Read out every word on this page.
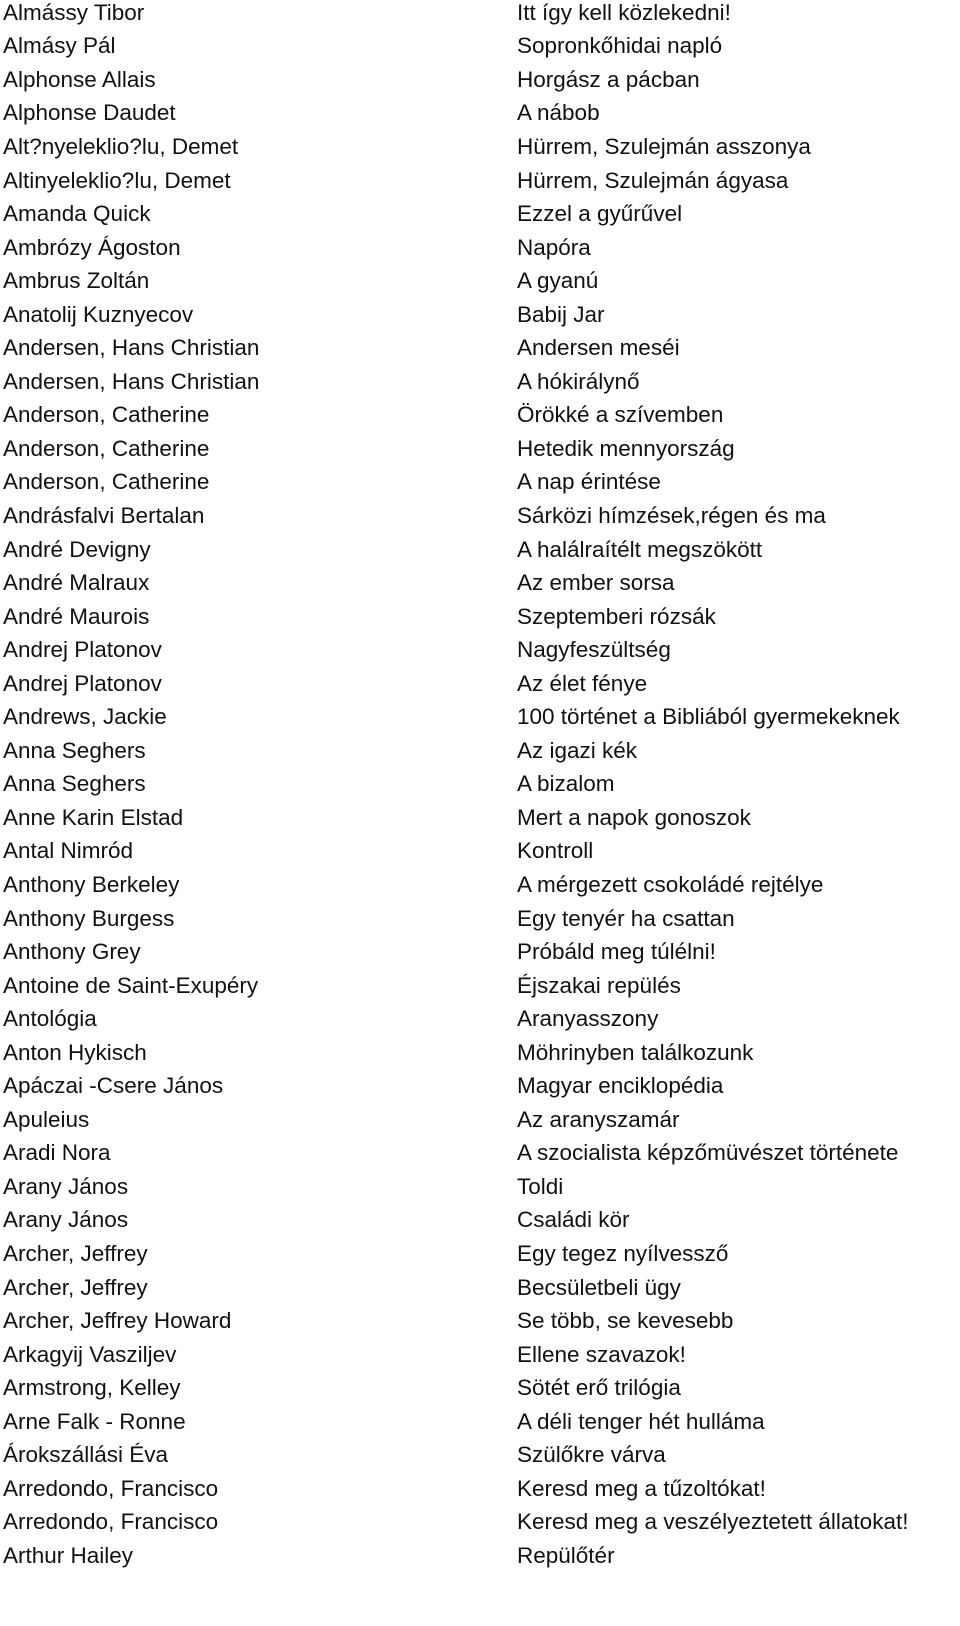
Almássy Tibor	Itt így kell közlekedni!
Almásy Pál	Sopronkőhidai napló
Alphonse Allais	Horgász a pácban
Alphonse Daudet	A nábob
Alt?nyeleklio?lu, Demet	Hürrem, Szulejmán asszonya
Altinyeleklio?lu, Demet	Hürrem, Szulejmán ágyasa
Amanda Quick	Ezzel a gyűrűvel
Ambrózy Ágoston	Napóra
Ambrus Zoltán	A gyanú
Anatolij Kuznyecov	Babij Jar
Andersen, Hans Christian	Andersen meséi
Andersen, Hans Christian	A hókirálynő
Anderson, Catherine	Örökké a szívemben
Anderson, Catherine	Hetedik mennyország
Anderson, Catherine	A nap érintése
Andrásfalvi Bertalan	Sárközi hímzések,régen és ma
André Devigny	A halálraítélt megszökött
André Malraux	Az ember sorsa
André Maurois	Szeptemberi rózsák
Andrej Platonov	Nagyfeszültség
Andrej Platonov	Az élet fénye
Andrews, Jackie	100 történet a Bibliából gyermekeknek
Anna Seghers	Az igazi kék
Anna Seghers	A bizalom
Anne Karin Elstad	Mert a napok gonoszok
Antal Nimród	Kontroll
Anthony Berkeley	A mérgezett csokoládé rejtélye
Anthony Burgess	Egy tenyér ha csattan
Anthony Grey	Próbáld meg túlélni!
Antoine de Saint-Exupéry	Éjszakai repülés
Antológia	Aranyasszony
Anton Hykisch	Möhrinyben találkozunk
Apáczai -Csere János	Magyar enciklopédia
Apuleius	Az aranyszamár
Aradi Nora	A szocialista képzőmüvészet története
Arany János	Toldi
Arany János	Családi kör
Archer, Jeffrey	Egy tegez nyílvessző
Archer, Jeffrey	Becsületbeli ügy
Archer, Jeffrey Howard	Se több, se kevesebb
Arkagyij Vasziljev	Ellene szavazok!
Armstrong, Kelley	Sötét erő trilógia
Arne Falk - Ronne	A déli tenger hét hulláma
Árokszállási Éva	Szülőkre várva
Arredondo, Francisco	Keresd meg a tűzoltókat!
Arredondo, Francisco	Keresd meg a veszélyeztetett állatokat!
Arthur Hailey	Repülőtér
